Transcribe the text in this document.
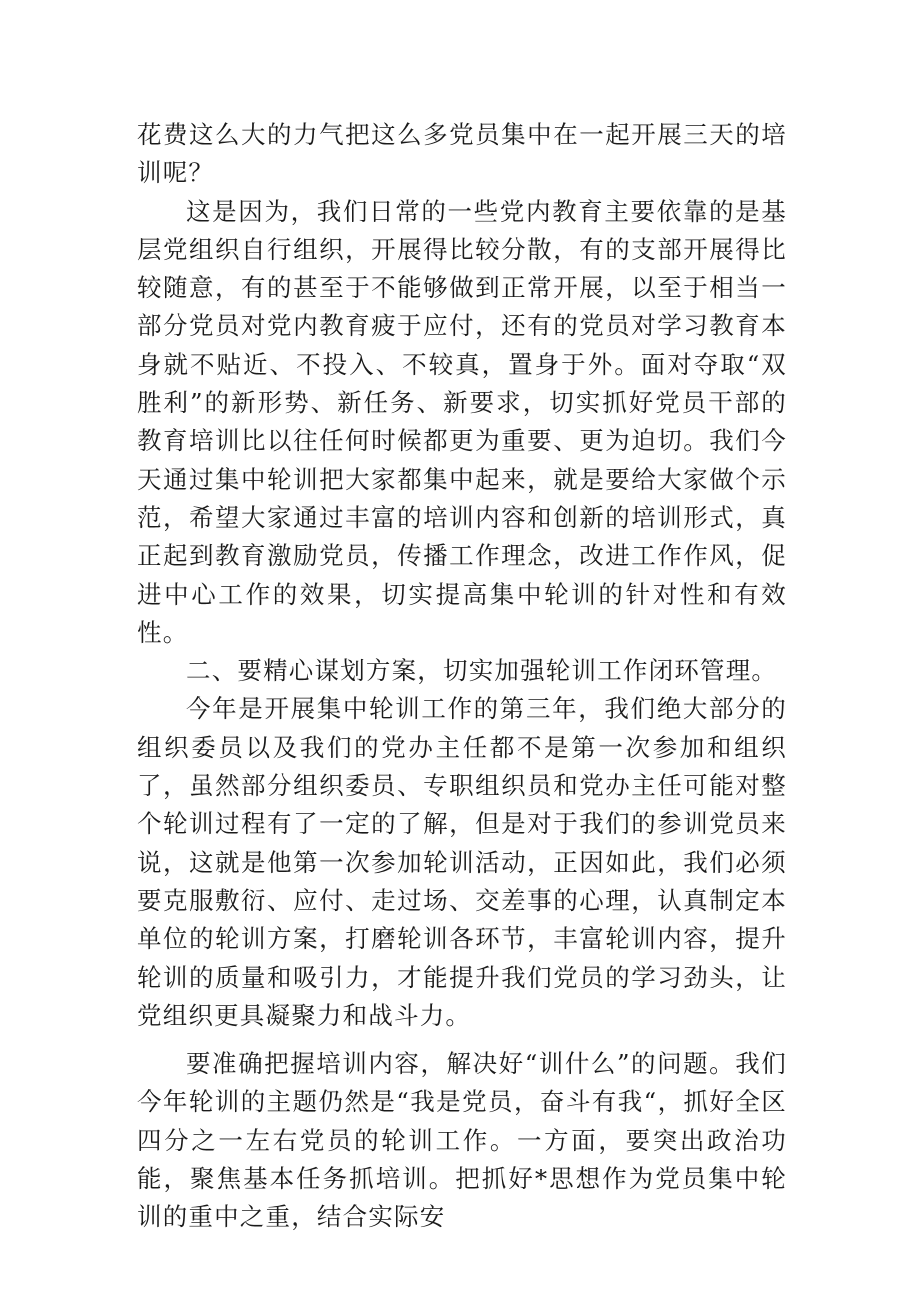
花费这么大的力气把这么多党员集中在一起开展三天的培训呢？

这是因为，我们日常的一些党内教育主要依靠的是基层党组织自行组织，开展得比较分散，有的支部开展得比较随意，有的甚至于不能够做到正常开展，以至于相当一部分党员对党内教育疲于应付，还有的党员对学习教育本身就不贴近、不投入、不较真，置身于外。面对夺取“双胜利”的新形势、新任务、新要求，切实抓好党员干部的教育培训比以往任何时候都更为重要、更为迫切。我们今天通过集中轮训把大家都集中起来，就是要给大家做个示范，希望大家通过丰富的培训内容和创新的培训形式，真正起到教育激励党员，传播工作理念，改进工作作风，促进中心工作的效果，切实提高集中轮训的针对性和有效性。

二、要精心谋划方案，切实加强轮训工作闭环管理。

今年是开展集中轮训工作的第三年，我们绝大部分的组织委员以及我们的党办主任都不是第一次参加和组织了，虽然部分组织委员、专职组织员和党办主任可能对整个轮训过程有了一定的了解，但是对于我们的参训党员来说，这就是他第一次参加轮训活动，正因如此，我们必须要克服敷衍、应付、走过场、交差事的心理，认真制定本单位的轮训方案，打磨轮训各环节，丰富轮训内容，提升轮训的质量和吸引力，才能提升我们党员的学习劲头，让党组织更具凝聚力和战斗力。

要准确把握培训内容，解决好“训什么”的问题。我们今年轮训的主题仍然是“我是党员，奋斗有我“，抓好全区四分之一左右党员的轮训工作。一方面，要突出政治功能，聚焦基本任务抓培训。把抓好*思想作为党员集中轮训的重中之重，结合实际安
